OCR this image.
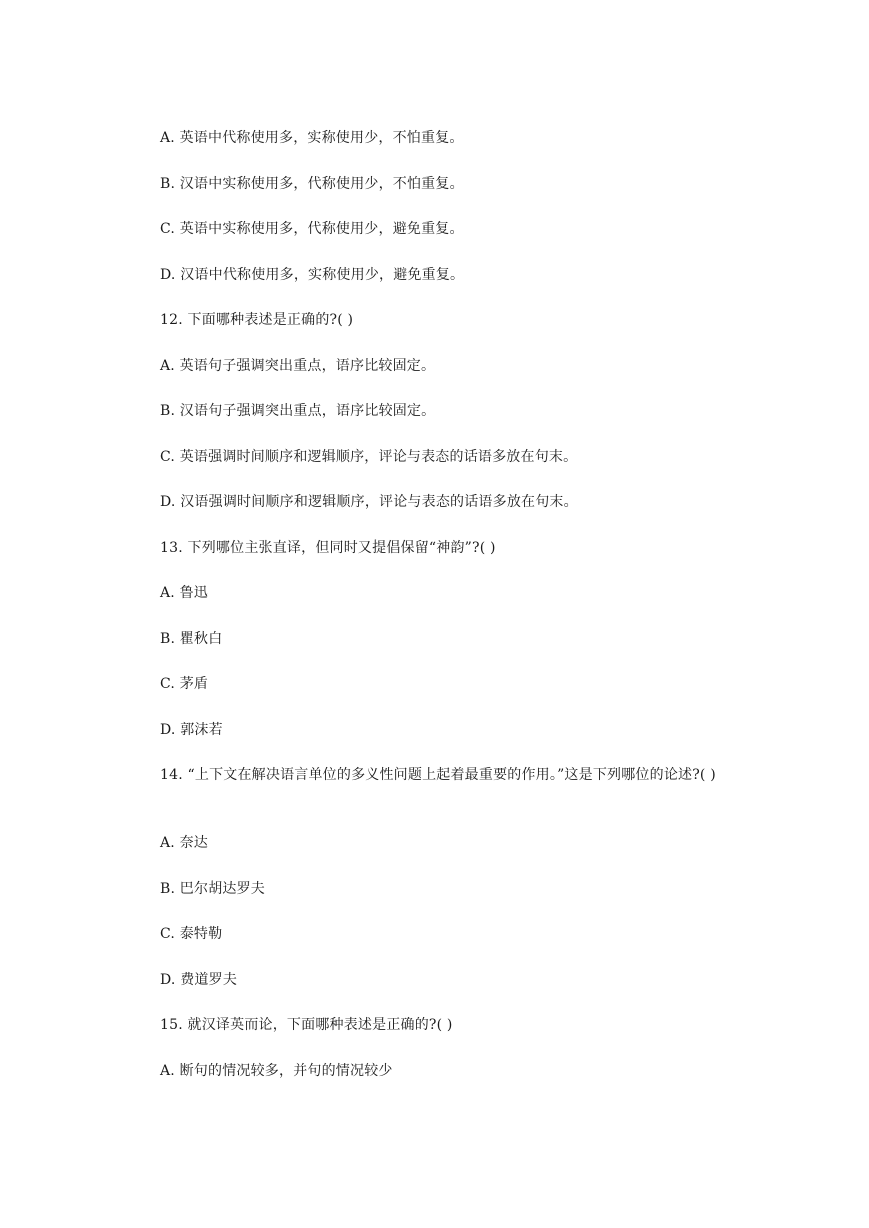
A. 英语中代称使用多，实称使用少，不怕重复。
B. 汉语中实称使用多，代称使用少，不怕重复。
C. 英语中实称使用多，代称使用少，避免重复。
D. 汉语中代称使用多，实称使用少，避免重复。
12. 下面哪种表述是正确的?( )
A. 英语句子强调突出重点，语序比较固定。
B. 汉语句子强调突出重点，语序比较固定。
C. 英语强调时间顺序和逻辑顺序，评论与表态的话语多放在句末。
D. 汉语强调时间顺序和逻辑顺序，评论与表态的话语多放在句末。
13. 下列哪位主张直译，但同时又提倡保留“神韵”?( )
A. 鲁迅
B. 瞿秋白
C. 茅盾
D. 郭沫若
14. “上下文在解决语言单位的多义性问题上起着最重要的作用。”这是下列哪位的论述?( )
A. 奈达
B. 巴尔胡达罗夫
C. 泰特勒
D. 费道罗夫
15. 就汉译英而论，下面哪种表述是正确的?( )
A. 断句的情况较多，并句的情况较少
